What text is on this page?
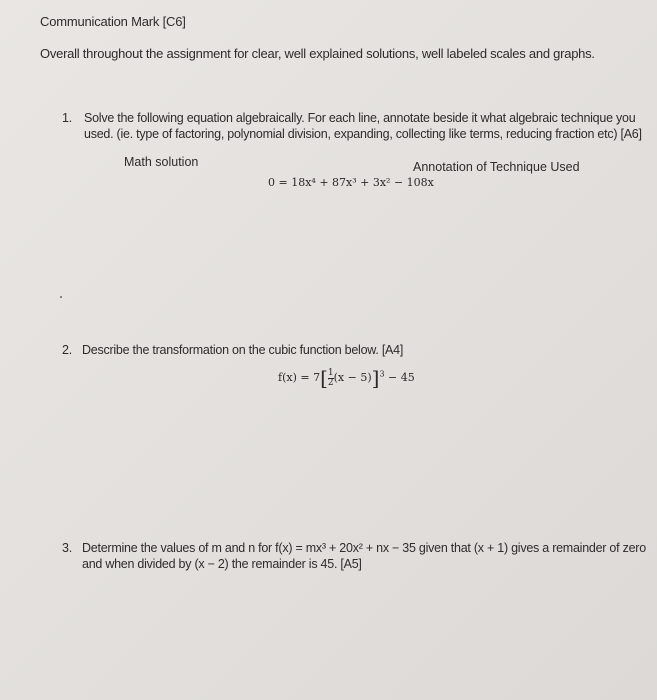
Communication Mark [C6]
Overall throughout the assignment for clear, well explained solutions, well labeled scales and graphs.
1. Solve the following equation algebraically. For each line, annotate beside it what algebraic technique you used. (ie. type of factoring, polynomial division, expanding, collecting like terms, reducing fraction etc) [A6]
Math solution	Annotation of Technique Used
0 = 18x⁴ + 87x³ + 3x² − 108x
2. Describe the transformation on the cubic function below. [A4]
$f(x) = 7[ \frac{1}{2} (x - 5)]^3 - 45$
3. Determine the values of m and n for f(x) = mx³ + 20x² + nx − 35 given that (x + 1) gives a remainder of zero and when divided by (x − 2) the remainder is 45. [A5]
